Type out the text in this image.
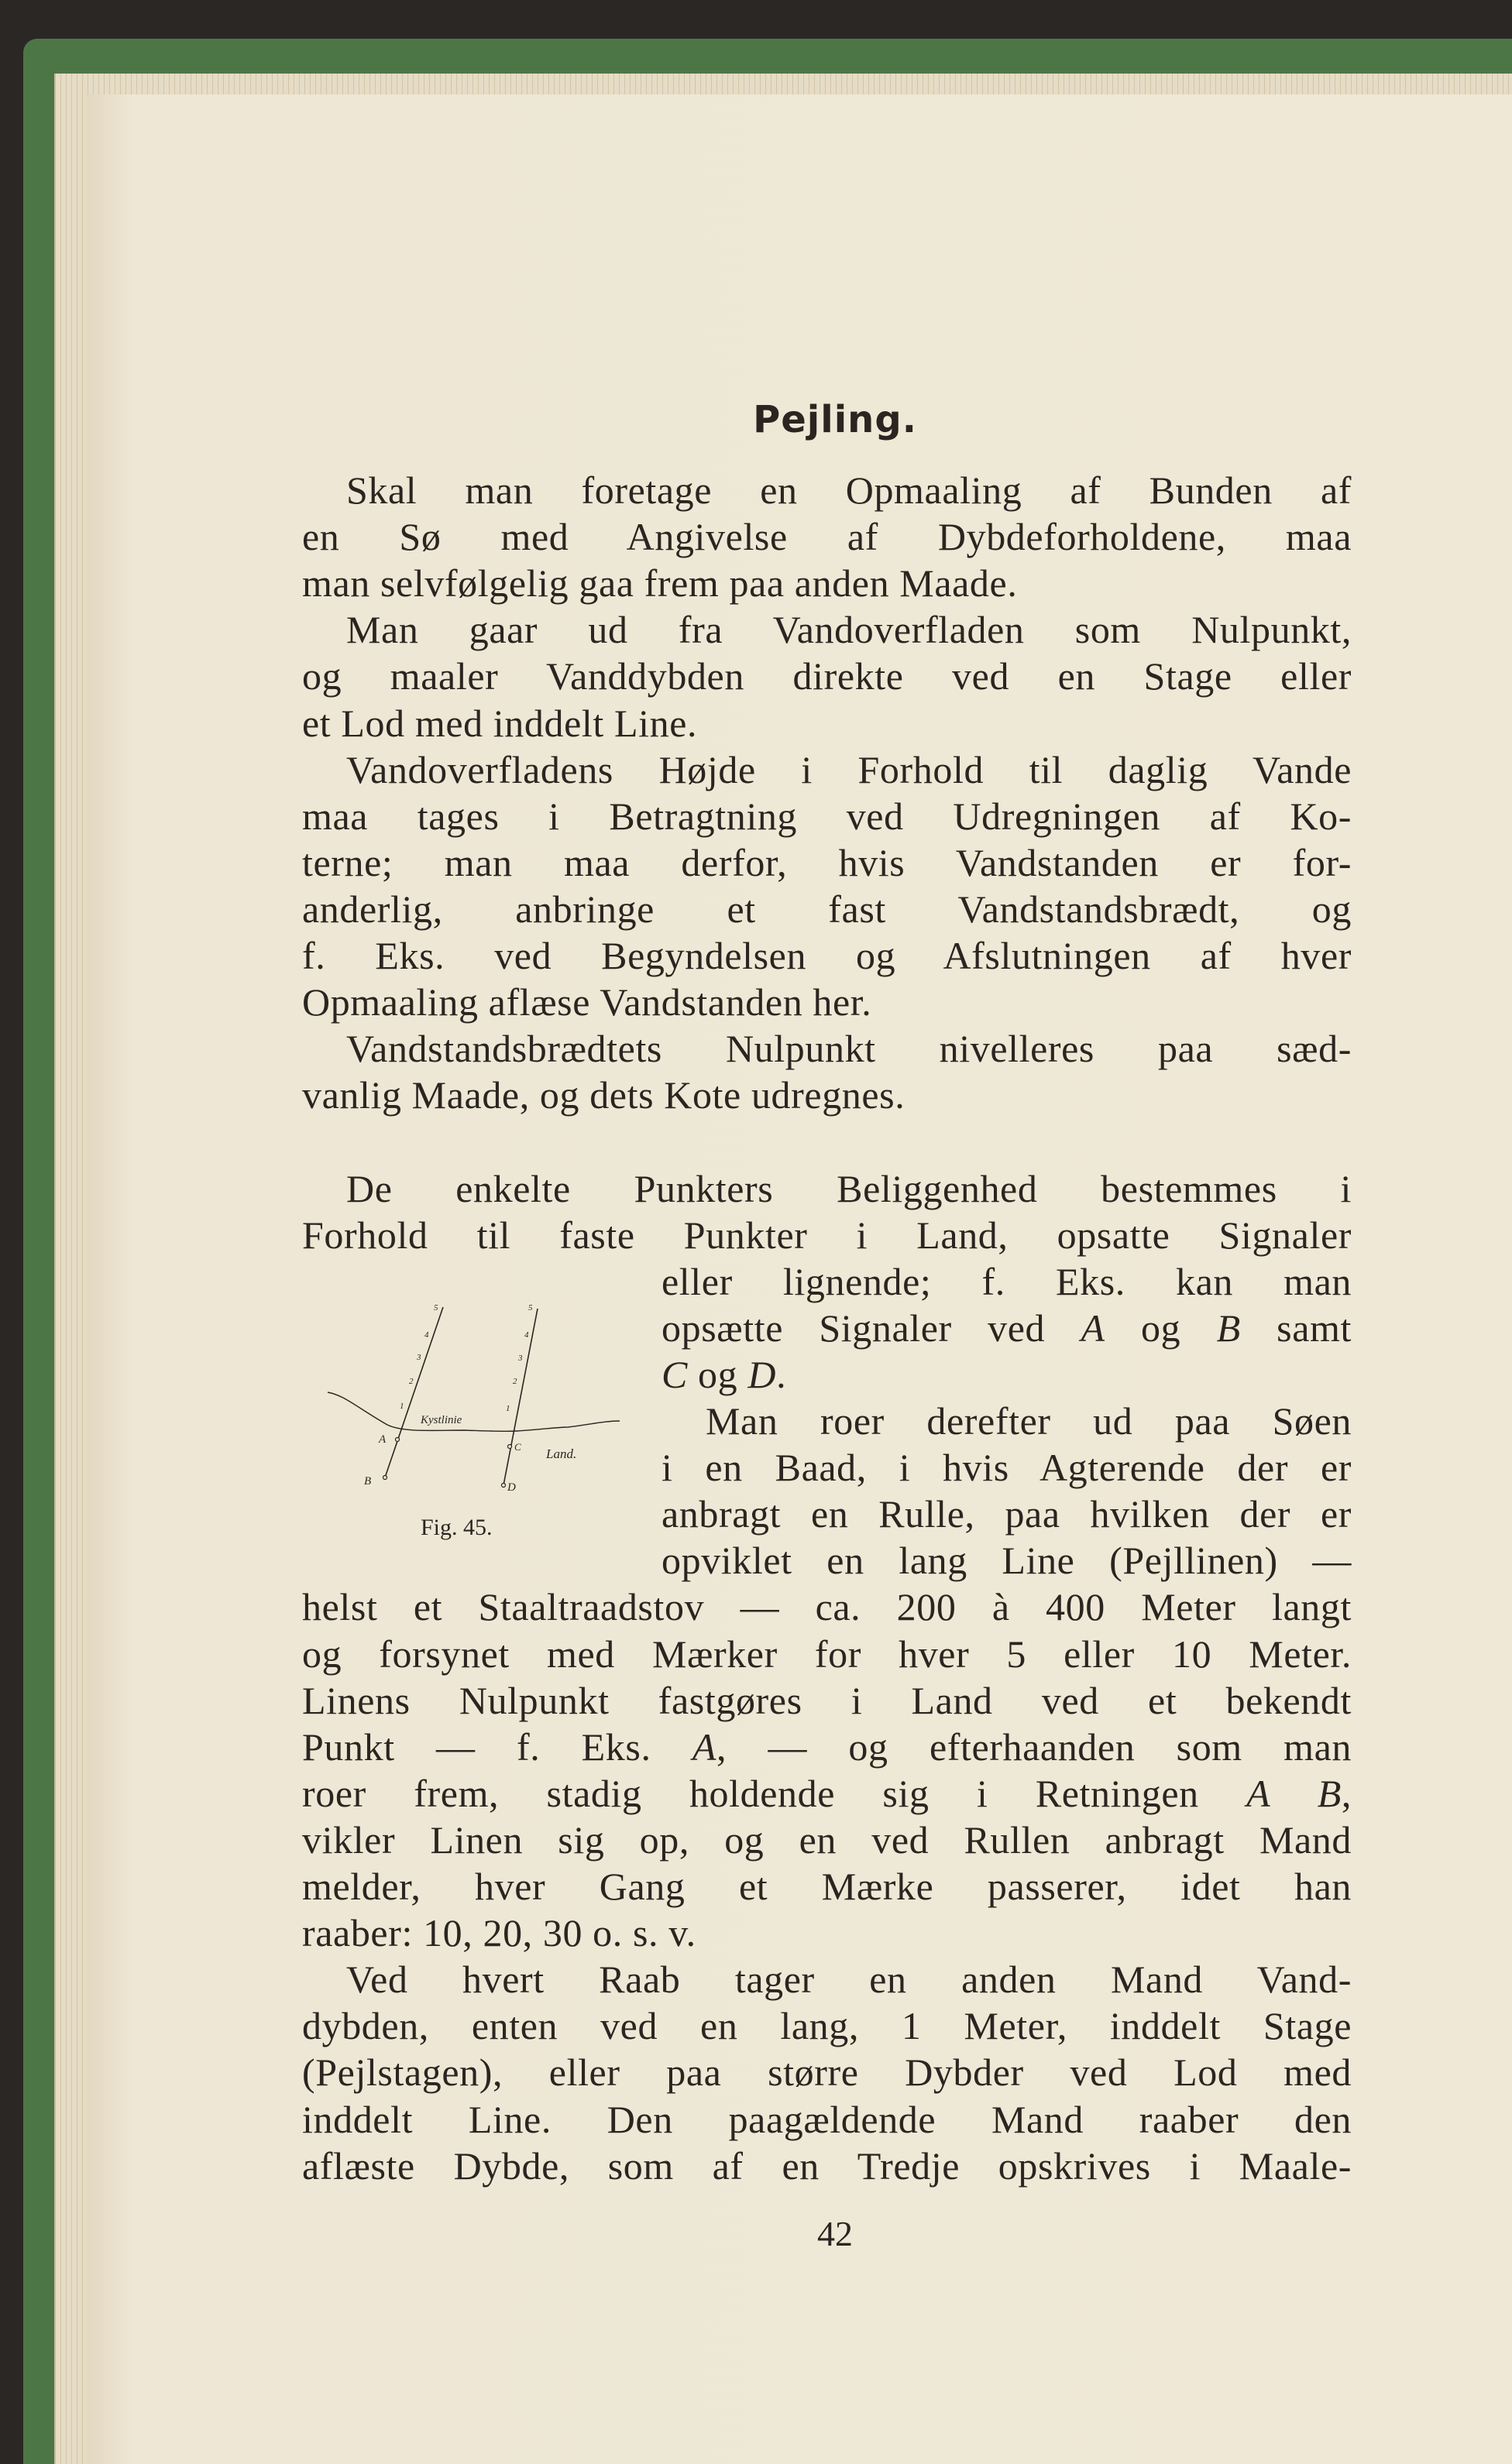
Pejling.
42
Skal man foretage en Opmaaling af Bunden af
en Sø med Angivelse af Dybdeforholdene, maa
man selvfølgelig gaa frem paa anden Maade.
Man gaar ud fra Vandoverfladen som Nulpunkt,
og maaler Vanddybden direkte ved en Stage eller
et Lod med inddelt Line.
Vandoverfladens Højde i Forhold til daglig Vande
maa tages i Betragtning ved Udregningen af Ko-
terne; man maa derfor, hvis Vandstanden er for-
anderlig, anbringe et fast Vandstandsbrædt, og
f. Eks. ved Begyndelsen og Afslutningen af hver
Opmaaling aflæse Vandstanden her.
Vandstandsbrædtets Nulpunkt nivelleres paa sæd-
vanlig Maade, og dets Kote udregnes.
De enkelte Punkters Beliggenhed bestemmes i
Forhold til faste Punkter i Land, opsatte Signaler
eller lignende; f. Eks. kan man
opsætte Signaler ved A og B samt
C og D.
Man roer derefter ud paa Søen
i en Baad, i hvis Agterende der er
anbragt en Rulle, paa hvilken der er
opviklet en lang Line (Pejllinen) —
helst et Staaltraadstov — ca. 200 à 400 Meter langt
og forsynet med Mærker for hver 5 eller 10 Meter.
Linens Nulpunkt fastgøres i Land ved et bekendt
Punkt — f. Eks. A, — og efterhaanden som man
roer frem, stadig holdende sig i Retningen A B,
vikler Linen sig op, og en ved Rullen anbragt Mand
melder, hver Gang et Mærke passerer, idet han
raaber: 10, 20, 30 o. s. v.
Ved hvert Raab tager en anden Mand Vand-
dybden, enten ved en lang, 1 Meter, inddelt Stage
(Pejlstagen), eller paa større Dybder ved Lod med
inddelt Line. Den paagældende Mand raaber den
aflæste Dybde, som af en Tredje opskrives i Maale-
5
4
3
2
1
5
4
3
2
1
Kystlinie
Land.
A
B
C
D
Fig. 45.
